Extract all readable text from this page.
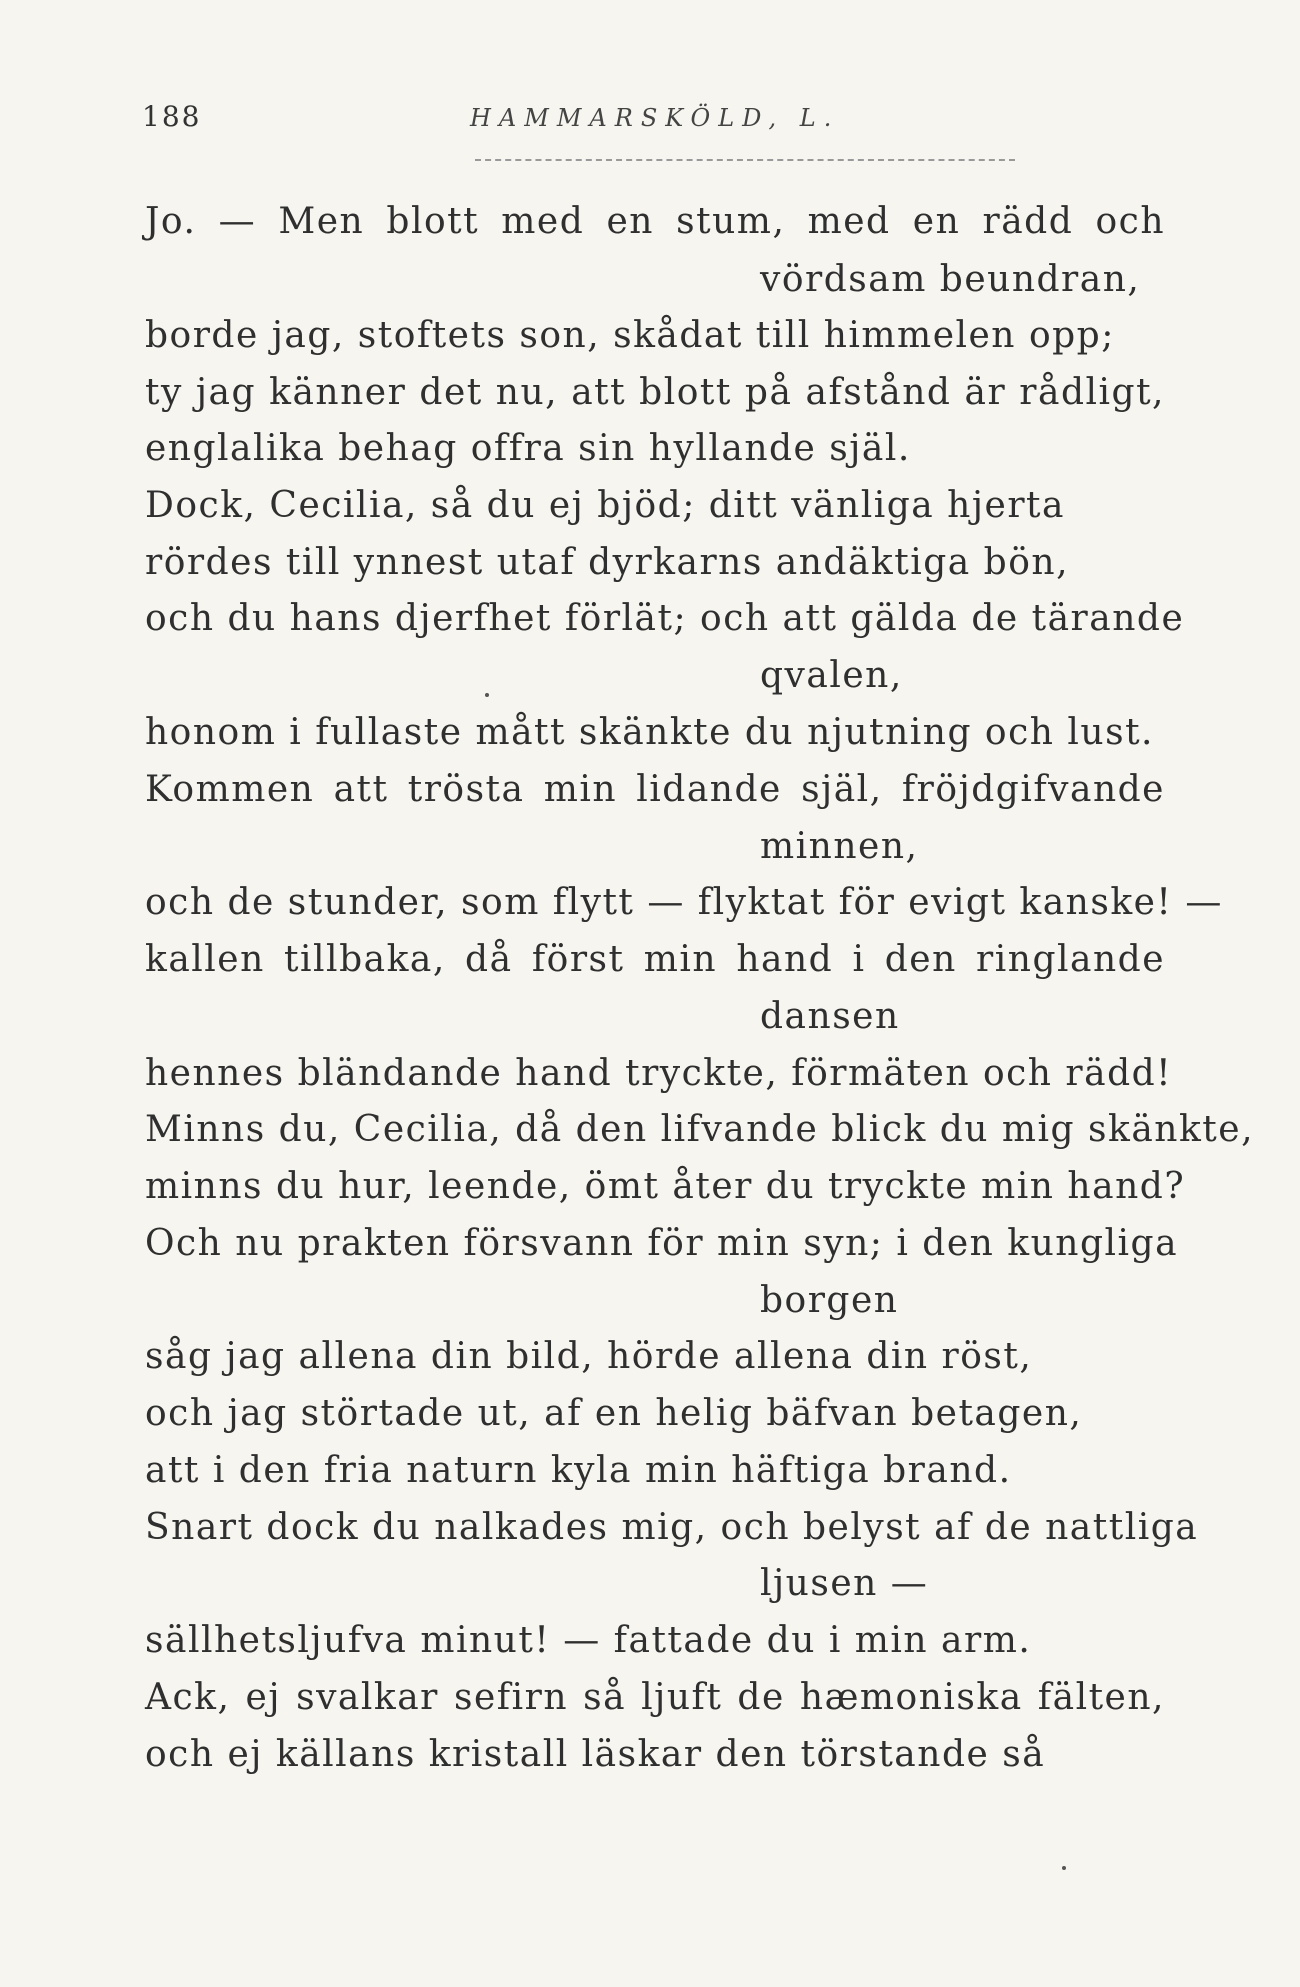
188	HAMMARSKÖLD, L.
Jo. — Men blott med en stum, med en rädd och
vördsam beundran,
borde jag, stoftets son, skådat till himmelen opp;
ty jag känner det nu, att blott på afstånd är rådligt,
englalika behag offra sin hyllande själ.
Dock, Cecilia, så du ej bjöd; ditt vänliga hjerta
rördes till ynnest utaf dyrkarns andäktiga bön,
och du hans djerfhet förlät; och att gälda de tärande
qvalen,
honom i fullaste mått skänkte du njutning och lust.
Kommen att trösta min lidande själ, fröjdgifvande
minnen,
och de stunder, som flytt — flyktat för evigt kanske! —
kallen tillbaka, då först min hand i den ringlande
dansen
hennes bländande hand tryckte, förmäten och rädd!
Minns du, Cecilia, då den lifvande blick du mig skänkte,
minns du hur, leende, ömt åter du tryckte min hand?
Och nu prakten försvann för min syn; i den kungliga
borgen
såg jag allena din bild, hörde allena din röst,
och jag störtade ut, af en helig bäfvan betagen,
att i den fria naturn kyla min häftiga brand.
Snart dock du nalkades mig, och belyst af de nattliga
ljusen —
sällhetsljufva minut! — fattade du i min arm.
Ack, ej svalkar sefirn så ljuft de hæmoniska fälten,
och ej källans kristall läskar den törstande så
